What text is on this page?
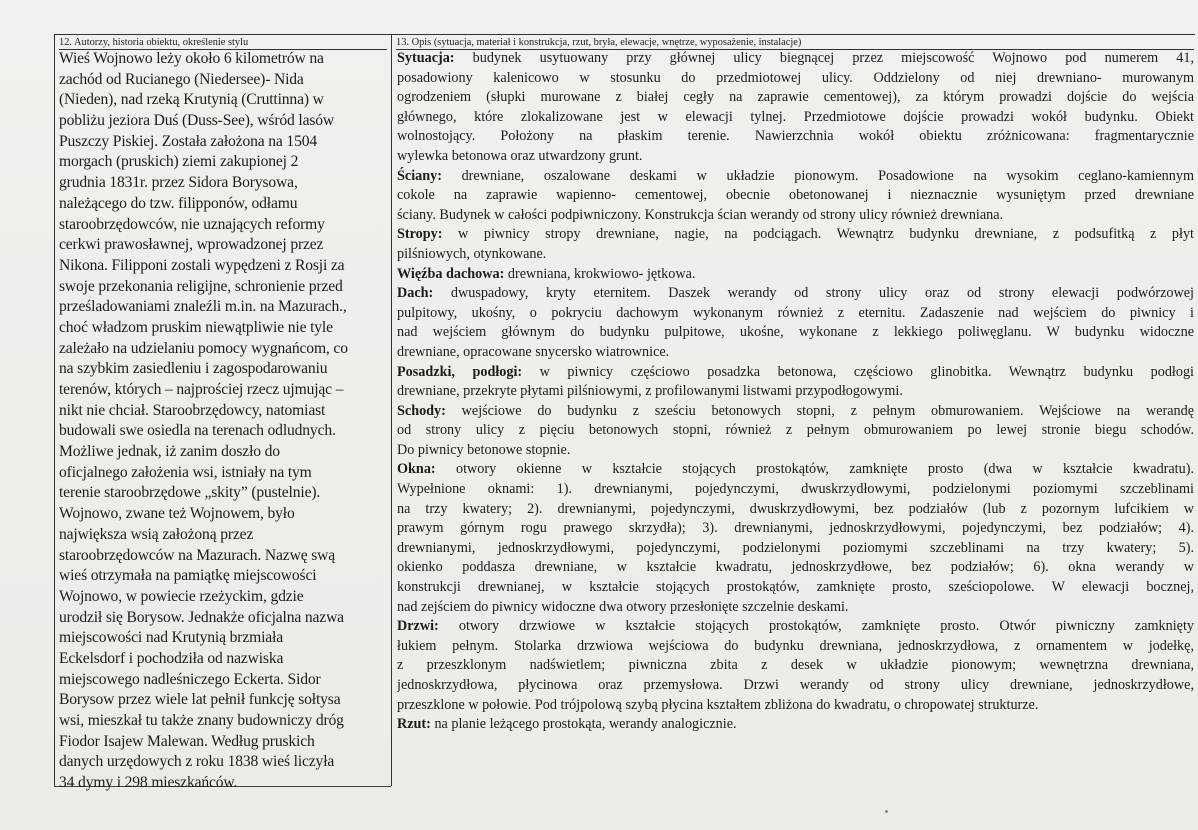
12. Autorzy, historia obiektu, określenie stylu	13. Opis (sytuacja, materiał i konstrukcja, rzut, bryła, elewacje, wnętrze, wyposażenie, instalacje)
Wieś Wojnowo leży około 6 kilometrów na
zachód od Rucianego (Niedersee)- Nida
(Nieden), nad rzeką Krutynią (Cruttinna) w
pobliżu jeziora Duś (Duss-See), wśród lasów
Puszczy Piskiej. Została założona na 1504
morgach (pruskich) ziemi zakupionej 2
grudnia 1831r. przez Sidora Borysowa,
należącego do tzw. filipponów, odłamu
staroobrzędowców, nie uznających reformy
cerkwi prawosławnej, wprowadzonej przez
Nikona. Filipponi zostali wypędzeni z Rosji za
swoje przekonania religijne, schronienie przed
prześladowaniami znaleźli m.in. na Mazurach.,
choć władzom pruskim niewątpliwie nie tyle
zależało na udzielaniu pomocy wygnańcom, co
na szybkim zasiedleniu i zagospodarowaniu
terenów, których – najprościej rzecz ujmując –
nikt nie chciał. Staroobrzędowcy, natomiast
budowali swe osiedla na terenach odludnych.
Możliwe jednak, iż zanim doszło do
oficjalnego założenia wsi, istniały na tym
terenie staroobrzędowe „skity” (pustelnie).
Wojnowo, zwane też Wojnowem, było
największa wsią założoną przez
staroobrzędowców na Mazurach. Nazwę swą
wieś otrzymała na pamiątkę miejscowości
Wojnowo, w powiecie rzeżyckim, gdzie
urodził się Borysow. Jednakże oficjalna nazwa
miejscowości nad Krutynią brzmiała
Eckelsdorf i pochodziła od nazwiska
miejscowego nadleśniczego Eckerta. Sidor
Borysow przez wiele lat pełnił funkcję sołtysa
wsi, mieszkał tu także znany budowniczy dróg
Fiodor Isajew Malewan. Według pruskich
danych urzędowych z roku 1838 wieś liczyła
34 dymy i 298 mieszkańców.
Sytuacja: budynek usytuowany przy głównej ulicy biegnącej przez miejscowość Wojnowo pod numerem 41,
posadowiony kalenicowo w stosunku do przedmiotowej ulicy. Oddzielony od niej drewniano- murowanym
ogrodzeniem (słupki murowane z białej cegły na zaprawie cementowej), za którym prowadzi dojście do wejścia
głównego, które zlokalizowane jest w elewacji tylnej. Przedmiotowe dojście prowadzi wokół budynku. Obiekt
wolnostojący. Położony na płaskim terenie. Nawierzchnia wokół obiektu zróżnicowana: fragmentarycznie
wylewka betonowa oraz utwardzony grunt.
Ściany: drewniane, oszalowane deskami w układzie pionowym. Posadowione na wysokim ceglano-kamiennym
cokole na zaprawie wapienno- cementowej, obecnie obetonowanej i nieznacznie wysuniętym przed drewniane
ściany. Budynek w całości podpiwniczony. Konstrukcja ścian werandy od strony ulicy również drewniana.
Stropy: w piwnicy stropy drewniane, nagie, na podciągach. Wewnątrz budynku drewniane, z podsufitką z płyt
pilśniowych, otynkowane.
Więźba dachowa: drewniana, krokwiowo- jętkowa.
Dach: dwuspadowy, kryty eternitem. Daszek werandy od strony ulicy oraz od strony elewacji podwórzowej
pulpitowy, ukośny, o pokryciu dachowym wykonanym również z eternitu. Zadaszenie nad wejściem do piwnicy i
nad wejściem głównym do budynku pulpitowe, ukośne, wykonane z lekkiego poliwęglanu. W budynku widoczne
drewniane, opracowane snycersko wiatrownice.
Posadzki, podłogi: w piwnicy częściowo posadzka betonowa, częściowo glinobitka. Wewnątrz budynku podłogi
drewniane, przekryte płytami pilśniowymi, z profilowanymi listwami przypodłogowymi.
Schody: wejściowe do budynku z sześciu betonowych stopni, z pełnym obmurowaniem. Wejściowe na werandę
od strony ulicy z pięciu betonowych stopni, również z pełnym obmurowaniem po lewej stronie biegu schodów.
Do piwnicy betonowe stopnie.
Okna: otwory okienne w kształcie stojących prostokątów, zamknięte prosto (dwa w kształcie kwadratu).
Wypełnione oknami: 1). drewnianymi, pojedynczymi, dwuskrzydłowymi, podzielonymi poziomymi szczeblinami
na trzy kwatery; 2). drewnianymi, pojedynczymi, dwuskrzydłowymi, bez podziałów (lub z pozornym lufcikiem w
prawym górnym rogu prawego skrzydła); 3). drewnianymi, jednoskrzydłowymi, pojedynczymi, bez podziałów; 4).
drewnianymi, jednoskrzydłowymi, pojedynczymi, podzielonymi poziomymi szczeblinami na trzy kwatery; 5).
okienko poddasza drewniane, w kształcie kwadratu, jednoskrzydłowe, bez podziałów; 6). okna werandy w
konstrukcji drewnianej, w kształcie stojących prostokątów, zamknięte prosto, sześciopolowe. W elewacji bocznej,
nad zejściem do piwnicy widoczne dwa otwory przesłonięte szczelnie deskami.
Drzwi: otwory drzwiowe w kształcie stojących prostokątów, zamknięte prosto. Otwór piwniczny zamknięty
łukiem pełnym. Stolarka drzwiowa wejściowa do budynku drewniana, jednoskrzydłowa, z ornamentem w jodełkę,
z przeszklonym nadświetlem; piwniczna zbita z desek w układzie pionowym; wewnętrzna drewniana,
jednoskrzydłowa, płycinowa oraz przemysłowa. Drzwi werandy od strony ulicy drewniane, jednoskrzydłowe,
przeszklone w połowie. Pod trójpolową szybą płycina kształtem zbliżona do kwadratu, o chropowatej strukturze.
Rzut: na planie leżącego prostokąta, werandy analogicznie.
